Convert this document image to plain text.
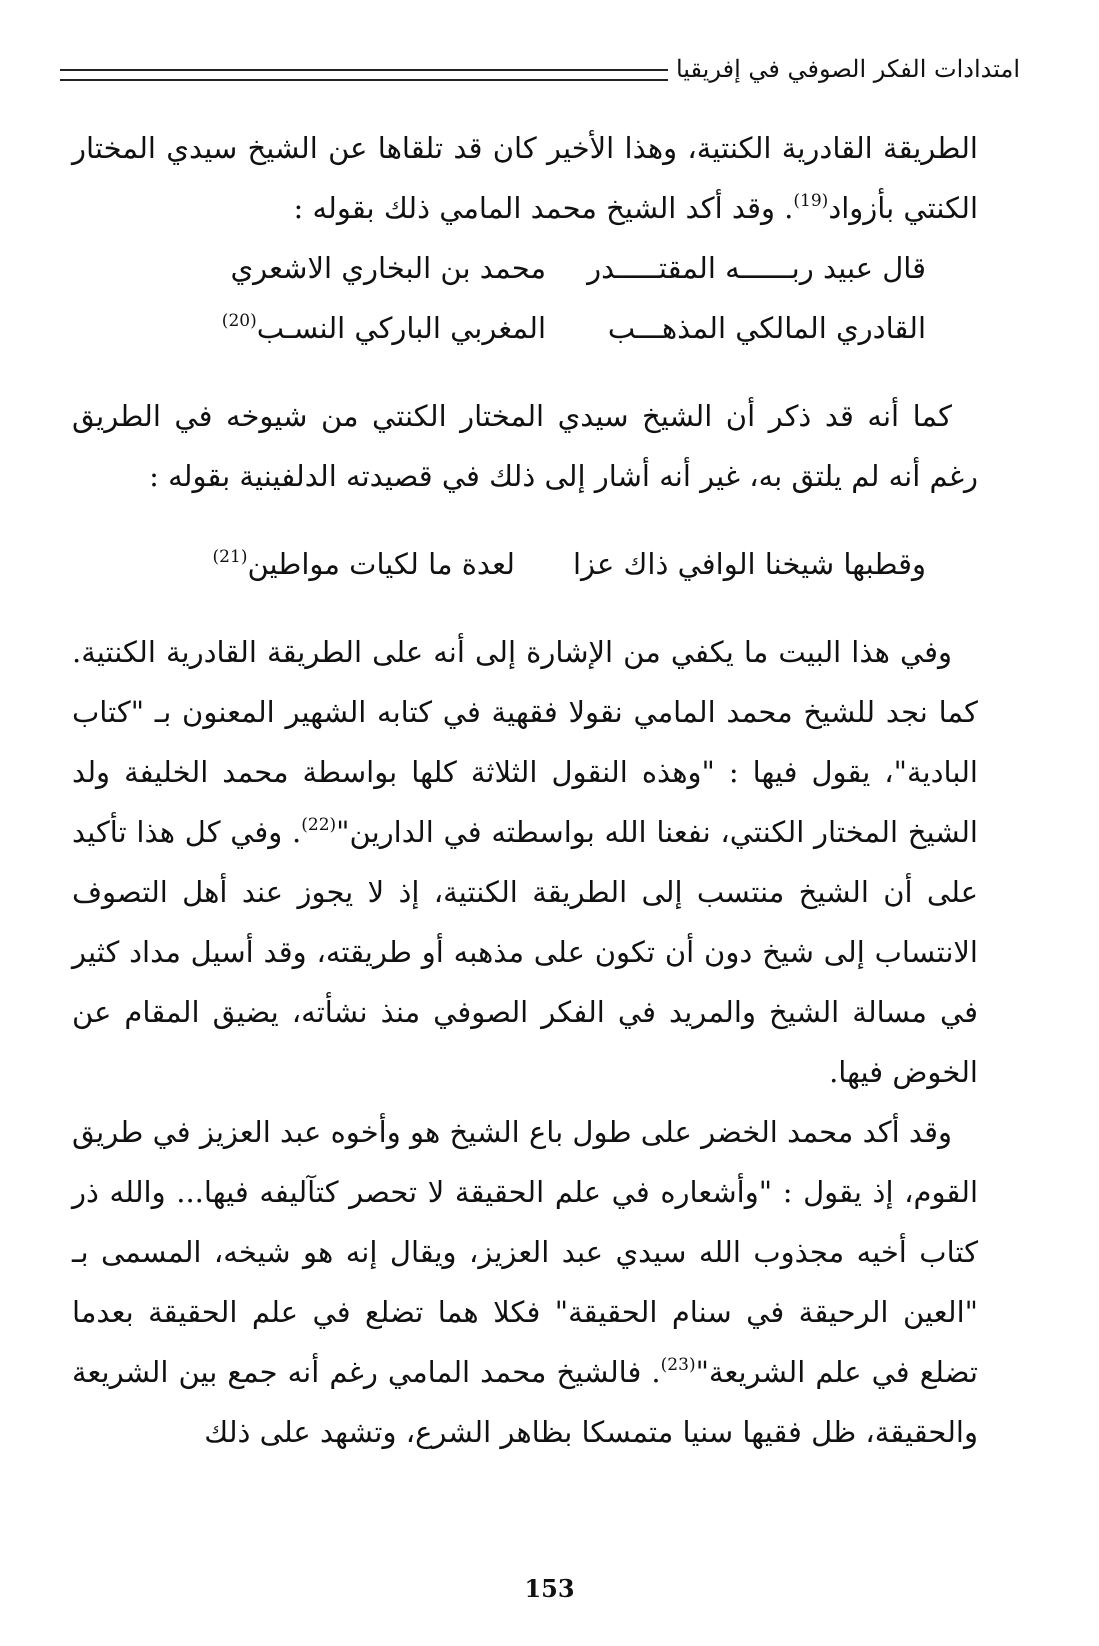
امتدادات الفكر الصوفي في إفريقيا

الطريقة القادرية الكنتية، وهذا الأخير كان قد تلقاها عن الشيخ سيدي المختار الكنتي بأزواد$^{(19)}$. وقد أكد الشيخ محمد المامي ذلك بقوله :

قال عبيد ربــــــه المقتـــــدر
محمد بن البخاري الاشعري
القادري المالكي المذهـــب
المغربي الباركي النسـب$^{(20)}$

كما أنه قد ذكر أن الشيخ سيدي المختار الكنتي من شيوخه في الطريق رغم أنه لم يلتق به، غير أنه أشار إلى ذلك في قصيدته الدلفينية بقوله :

وقطبها شيخنا الوافي ذاك عزالعدة ما لكيات مواطين$^{(21)}$

وفي هذا البيت ما يكفي من الإشارة إلى أنه على الطريقة القادرية الكنتية. كما نجد للشيخ محمد المامي نقولا فقهية في كتابه الشهير المعنون بـ "كتاب البادية"، يقول فيها : "وهذه النقول الثلاثة كلها بواسطة محمد الخليفة ولد الشيخ المختار الكنتي، نفعنا الله بواسطته في الدارين"$^{(22)}$. وفي كل هذا تأكيد على أن الشيخ منتسب إلى الطريقة الكنتية، إذ لا يجوز عند أهل التصوف الانتساب إلى شيخ دون أن تكون على مذهبه أو طريقته، وقد أسيل مداد كثير في مسالة الشيخ والمريد في الفكر الصوفي منذ نشأته، يضيق المقام عن الخوض فيها.

وقد أكد محمد الخضر على طول باع الشيخ هو وأخوه عبد العزيز في طريق القوم، إذ يقول : "وأشعاره في علم الحقيقة لا تحصر كتآليفه فيها... والله ذر كتاب أخيه مجذوب الله سيدي عبد العزيز، ويقال إنه هو شيخه، المسمى بـ "العين الرحيقة في سنام الحقيقة" فكلا هما تضلع في علم الحقيقة بعدما تضلع في علم الشريعة"$^{(23)}$. فالشيخ محمد المامي رغم أنه جمع بين الشريعة والحقيقة، ظل فقيها سنيا متمسكا بظاهر الشرع، وتشهد على ذلك

153
